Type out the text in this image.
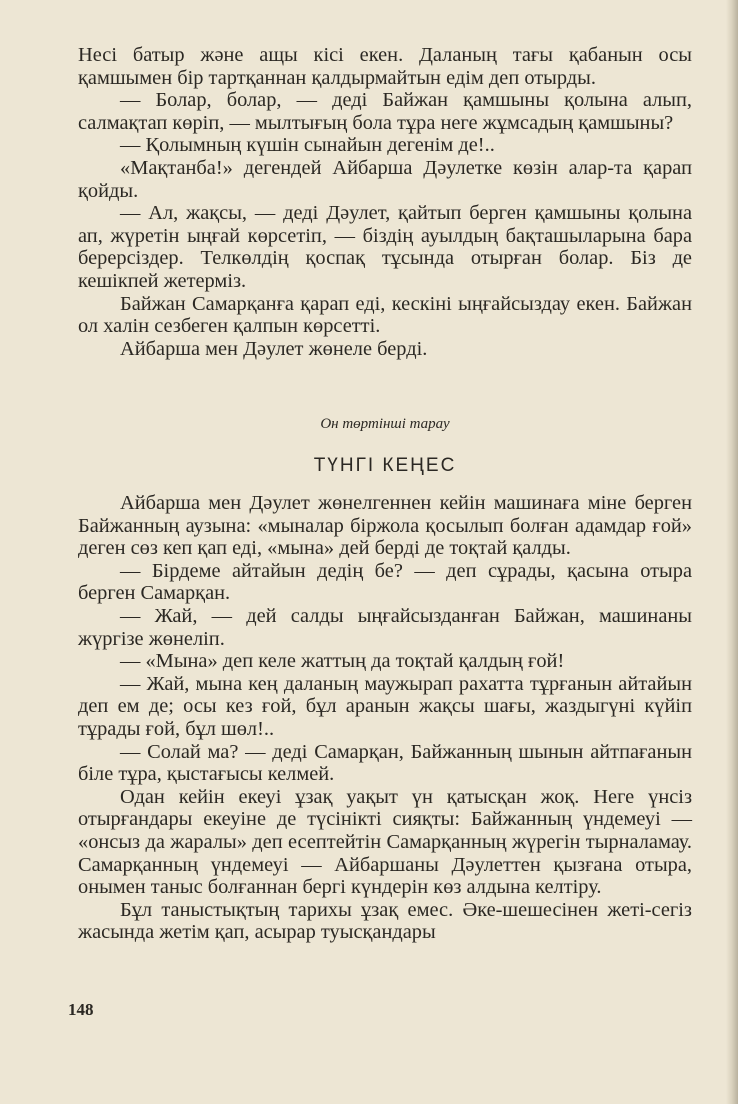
Несі батыр және ащы кісі екен. Даланың тағы қабанын осы қамшымен бір тартқаннан қалдырмайтын едім деп отырды.

— Болар, болар, — деді Байжан қамшыны қолына алып, салмақтап көріп, — мылтығың бола тұра неге жұмсадың қамшыны?

— Қолымның күшін сынайын дегенім де!..

«Мақтанба!» дегендей Айбарша Дәулетке көзін алар-та қарап қойды.

— Ал, жақсы, — деді Дәулет, қайтып берген қамшыны қолына ап, жүретін ыңғай көрсетіп, — біздің ауылдың бақташыларына бара берерсіздер. Телкөлдің қоспақ тұсында отырған болар. Біз де кешікпей жетерміз.

Байжан Самарқанға қарап еді, кескіні ыңғайсыздау екен. Байжан ол халін сезбеген қалпын көрсетті.

Айбарша мен Дәулет жөнеле берді.

Он төртінші тарау
ТҮНГІ КЕҢЕС

Айбарша мен Дәулет жөнелгеннен кейін машинаға міне берген Байжанның аузына: «мыналар біржола қосылып болған адамдар ғой» деген сөз кеп қап еді, «мына» дей берді де тоқтай қалды.

— Бірдеме айтайын дедің бе? — деп сұрады, қасына отыра берген Самарқан.

— Жай, — дей салды ыңғайсызданған Байжан, машинаны жүргізе жөнеліп.

— «Мына» деп келе жаттың да тоқтай қалдың ғой!

— Жай, мына кең даланың маужырап рахатта тұрғанын айтайын деп ем де; осы кез ғой, бұл аранын жақсы шағы, жаздыгүні күйіп тұрады ғой, бұл шөл!..

— Солай ма? — деді Самарқан, Байжанның шынын айтпағанын біле тұра, қыстағысы келмей.

Одан кейін екеуі ұзақ уақыт үн қатысқан жоқ. Неге үнсіз отырғандары екеуіне де түсінікті сияқты: Байжанның үндемеуі — «онсыз да жаралы» деп есептейтін Самарқанның жүрегін тырналамау. Самарқанның үндемеуі — Айбаршаны Дәулеттен қызғана отыра, онымен таныс болғаннан бергі күндерін көз алдына келтіру.

Бұл таныстықтың тарихы ұзақ емес. Әке-шешесінен жеті-сегіз жасында жетім қап, асырар туысқандары

148
